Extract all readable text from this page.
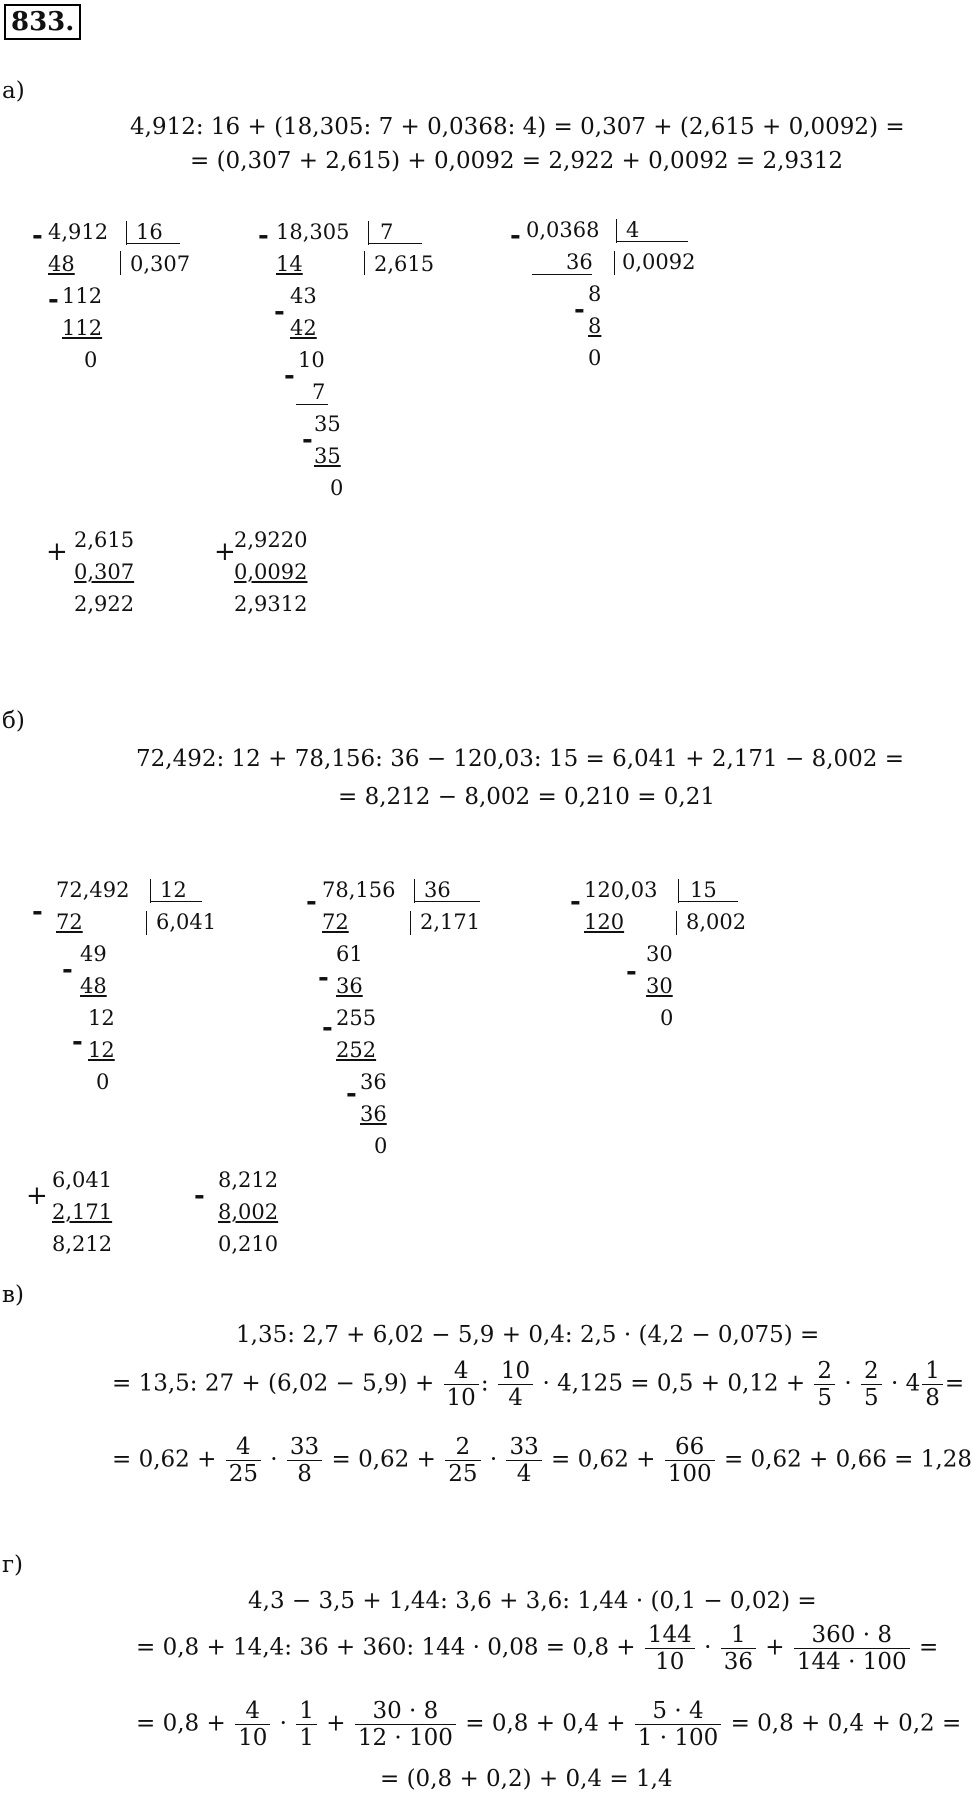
833.
а)
4,912: 16 + (18,305: 7 + 0,0368: 4) = 0,307 + (2,615 + 0,0092) =
= (0,307 + 2,615) + 0,0092 = 2,922 + 0,0092 = 2,9312
- 4,912 16
0,307
48
- 112
112
0
- 18,305 7
2,615
14
-
43
42
-
10
7
-
35
35
0
- 0,0368 4
0,0092
36
-
8
8
0
+ 2,615
0,307
2,922
+
2,9220
0,0092
2,9312
б)
72,492: 12 + 78,156: 36 − 120,03: 15 = 6,041 + 2,171 − 8,002 =
= 8,212 − 8,002 = 0,210 = 0,21
-
72,492 12
6,041
72
-
49
48
12
- 12
0
- 78,156 36
2,171
72
61
- 36
- 255
252
- 36
36
0
- 120,03 15
8,002
120
-
30
30
0
+
6,041
2,171
8,212
-
8,212
8,002
0,210
в)
1,35: 2,7 + 6,02 − 5,9 + 0,4: 2,5 · (4,2 − 0,075) =
= 13,5: $27 + (6,02 - 5,9) + \frac{4}{10}$ : $\frac{10}{4} \cdot 4,125 = 0,5 + 0,12 + \frac{2}{5} \cdot \frac{2}{5} \cdot 4 \frac{1}{8}$ =
= $0,62 + \frac{4}{25} \cdot \frac{33}{8} = 0,62 + \frac{2}{25} \cdot \frac{33}{4} = 0,62 + \frac{66}{100} = 0,62 + 0,66 = 1,28$
г)
4,3 − 3,5 + 1,44: 3,6 + 3,6: 1,44 · (0,1 − 0,02) =
= 0,8 + 14,4: 36 + 360: $144 \cdot 0,08 = 0,8 + \frac{144}{10} \cdot \frac{1}{36} + \frac{360 \cdot 8}{144 \cdot 100}$ =
= $0,8 + \frac{4}{10} \cdot \frac{1}{1} + \frac{30 \cdot 8}{12 \cdot 100} = 0,8 + 0,4 + \frac{5 \cdot 4}{1 \cdot 100} = 0,8 + 0,4 + 0,2$ =
= (0,8 + 0,2) + 0,4 = 1,4
